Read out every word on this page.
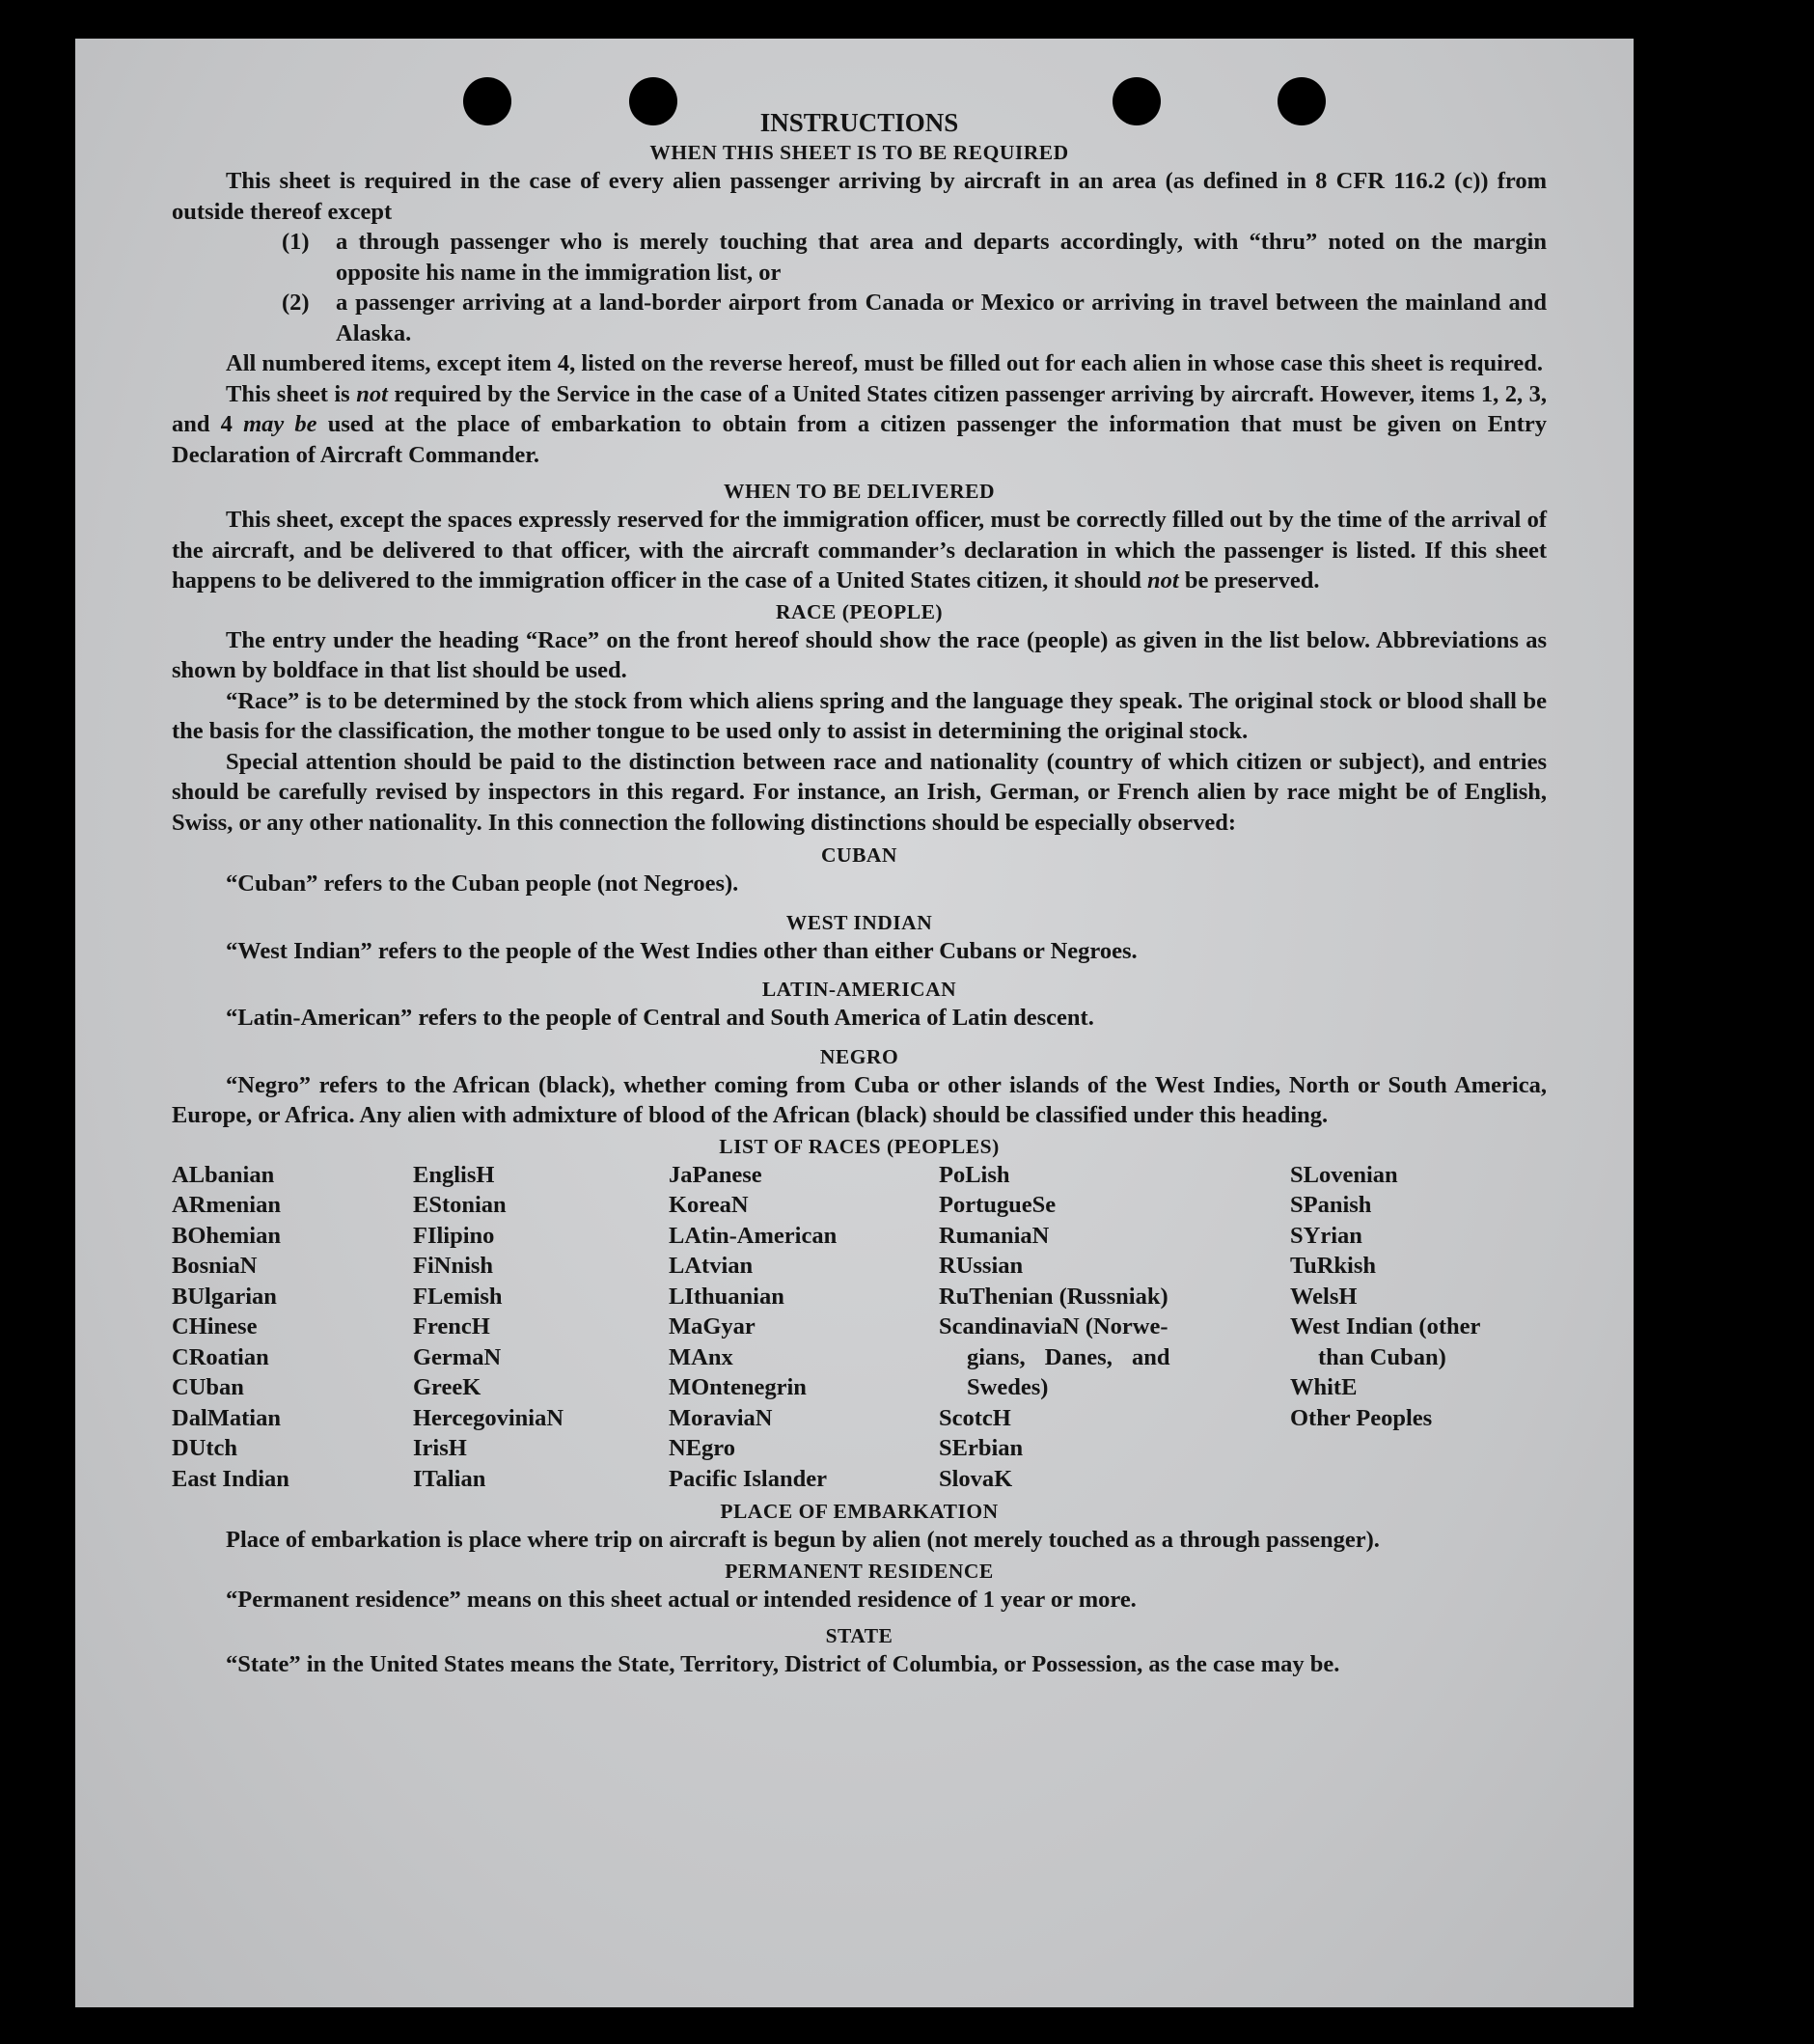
INSTRUCTIONS

WHEN THIS SHEET IS TO BE REQUIRED

This sheet is required in the case of every alien passenger arriving by aircraft in an area (as defined in 8 CFR 116.2 (c)) from outside thereof except

(1) a through passenger who is merely touching that area and departs accordingly, with “thru” noted on the margin opposite his name in the immigration list, or

(2) a passenger arriving at a land-border airport from Canada or Mexico or arriving in travel between the mainland and Alaska.

All numbered items, except item 4, listed on the reverse hereof, must be filled out for each alien in whose case this sheet is required.

This sheet is not required by the Service in the case of a United States citizen passenger arriving by aircraft. However, items 1, 2, 3, and 4 may be used at the place of embarkation to obtain from a citizen passenger the information that must be given on Entry Declaration of Aircraft Commander.

WHEN TO BE DELIVERED

This sheet, except the spaces expressly reserved for the immigration officer, must be correctly filled out by the time of the arrival of the aircraft, and be delivered to that officer, with the aircraft commander’s declaration in which the passenger is listed. If this sheet happens to be delivered to the immigration officer in the case of a United States citizen, it should not be preserved.

RACE (PEOPLE)

The entry under the heading “Race” on the front hereof should show the race (people) as given in the list below. Abbreviations as shown by boldface in that list should be used.

“Race” is to be determined by the stock from which aliens spring and the language they speak. The original stock or blood shall be the basis for the classification, the mother tongue to be used only to assist in determining the original stock.

Special attention should be paid to the distinction between race and nationality (country of which citizen or subject), and entries should be carefully revised by inspectors in this regard. For instance, an Irish, German, or French alien by race might be of English, Swiss, or any other nationality. In this connection the following distinctions should be especially observed:

CUBAN

“Cuban” refers to the Cuban people (not Negroes).

WEST INDIAN

“West Indian” refers to the people of the West Indies other than either Cubans or Negroes.

LATIN-AMERICAN

“Latin-American” refers to the people of Central and South America of Latin descent.

NEGRO

“Negro” refers to the African (black), whether coming from Cuba or other islands of the West Indies, North or South America, Europe, or Africa. Any alien with admixture of blood of the African (black) should be classified under this heading.

LIST OF RACES (PEOPLES)

ALbanian
ARmenian
BOhemian
BosniaN
BUlgarian
CHinese
CRoatian
CUban
DalMatian
DUtch
East Indian
EnglisH
EStonian
FIlipino
FiNnish
FLemish
FrencH
GermaN
GreeK
HercegoviniaN
IrisH
ITalian
JaPanese
KoreaN
LAtin-American
LAtvian
LIthuanian
MaGyar
MAnx
MOntenegrin
MoraviaN
NEgro
Pacific Islander
PoLish
PortugueSe
RumaniaN
RUssian
RuThenian (Russniak)
ScandinaviaN (Norwe-
gians, Danes, and
Swedes)
ScotcH
SErbian
SlovaK
SLovenian
SPanish
SYrian
TuRkish
WelsH
West Indian (other
than Cuban)
WhitE
Other Peoples

PLACE OF EMBARKATION

Place of embarkation is place where trip on aircraft is begun by alien (not merely touched as a through passenger).

PERMANENT RESIDENCE

“Permanent residence” means on this sheet actual or intended residence of 1 year or more.

STATE

“State” in the United States means the State, Territory, District of Columbia, or Possession, as the case may be.
